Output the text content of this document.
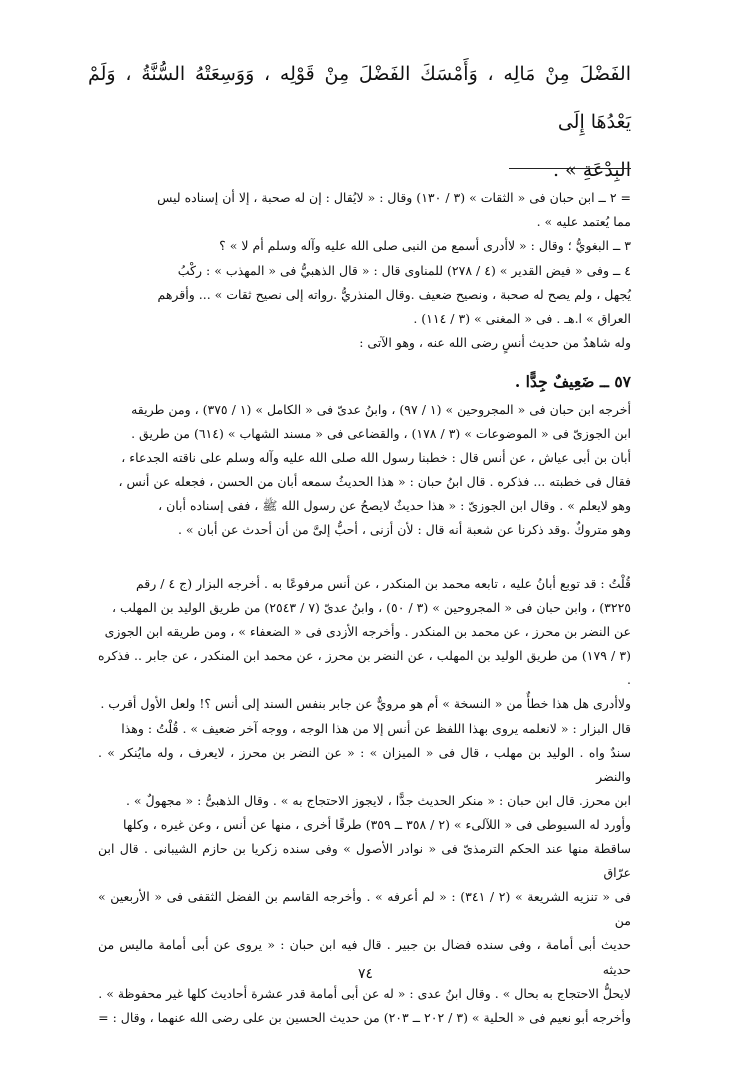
الفَضْلَ مِنْ مَالِه ، وَأَمْسَكَ الفَضْلَ مِنْ قَوْلِه ، وَوَسِعَتْهُ السُّنَّةُ ، وَلَمْ يَعْدُهَا إِلَى

البِدْعَةِ » .

= ٢ ــ ابن حبان فى « الثقات » (٣ / ١٣٠) وقال : « لايُقال : إن له صحبة ، إلا أن إسناده ليس

مما يُعتمد عليه » .

٣ ــ البغويُّ ؛ وقال : « لاأدرى أسمع من النبى صلى الله عليه وآله وسلم أم لا » ؟

٤ ــ وفى « فيض القدير » (٤ / ٢٧٨) للمناوى قال : « قال الذهبيُّ فى « المهذب » : ركْبُ

يُجهل ، ولم يصح له صحبة ، ونصيح ضعيف .وقال المنذريُّ .رواته إلى نصيح ثقات » ... وأقرهم

العراق » ا.هـ . فى « المغنى » (٣ / ١١٤) .

وله شاهدٌ من حديث أنسٍ رضى الله عنه ، وهو الآتى :

٥٧ ــ ضَعِيفٌ جِدًّا .

أخرجه ابن حبان فى « المجروحين » (١ / ٩٧) ، وابنُ عدىّ فى « الكامل » (١ / ٣٧٥) ، ومن طريقه

ابن الجوزىّ فى « الموضوعات » (٣ / ١٧٨) ، والقضاعى فى « مسند الشهاب » (٦١٤) من طريق .

أبان بن أبى عياش ، عن أنس قال : خطبنا رسول الله صلى الله عليه وآله وسلم على ناقته الجدعاء ،

فقال فى خطبته ... فذكره . قال ابنُ حبان : « هذا الحديثُ سمعه أبان من الحسن ، فجعله عن أنس ،

وهو لايعلم » . وقال ابن الجوزىّ : « هذا حديثٌ لايصحُ عن رسول الله ﷺ ، ففى إسناده أبان ،

وهو متروكٌ .وقد ذكرنا عن شعبة أنه قال : لأن أزنى ، أحبُّ إلىَّ من أن أحدث عن أبان » .

قُلْتُ : قد توبع أبانُ عليه ، تابعه محمد بن المنكدر ، عن أنس مرفوعًا به . أخرجه البزار (ج ٤ / رقم

٣٢٢٥) ، وابن حبان فى « المجروحين » (٣ / ٥٠) ، وابنُ عدىّ (٧ / ٢٥٤٣) من طريق الوليد بن المهلب ،

عن النضر بن محرز ، عن محمد بن المنكدر . وأخرجه الأزدى فى « الضعفاء » ، ومن طريقه ابن الجوزى

(٣ / ١٧٩) من طريق الوليد بن المهلب ، عن النضر بن محرز ، عن محمد ابن المنكدر ، عن جابر .. فذكره .

ولاأدرى هل هذا خطأٌ من « النسخة » أم هو مرويٌّ عن جابر بنفس السند إلى أنس ؟! ولعل الأول أقرب .

قال البزار : « لانعلمه يروى بهذا اللفظ عن أنس إلا من هذا الوجه ، ووجه آخر ضعيف » . قُلْتُ : وهذا

سندٌ واه . الوليد بن مهلب ، قال فى « الميزان » : « عن النضر بن محرز ، لايعرف ، وله مايُنكر » . والنضر

ابن محرز. قال ابن حبان : « منكر الحديث جدًّا ، لايجوز الاحتجاج به » . وقال الذهبىُّ : « مجهولٌ » .

وأورد له السيوطى فى « اللآلىء » (٢ / ٣٥٨ ــ ٣٥٩) طرقًا أخرى ، منها عن أنس ، وعن غيره ، وكلها

ساقطة منها عند الحكم الترمذىّ فى « نوادر الأصول » وفى سنده زكريا بن حازم الشيبانى . قال ابن عرّاق

فى « تنزيه الشريعة » (٢ / ٣٤١) : « لم أعرفه » . وأخرجه القاسم بن الفضل الثقفى فى « الأربعين » من

حديث أبى أمامة ، وفى سنده فضال بن جبير . قال فيه ابن حبان : « يروى عن أبى أمامة ماليس من حديثه

لايحلُّ الاحتجاج به بحال » . وقال ابنُ عدى : « له عن أبى أمامة قدر عشرة أحاديث كلها غير محفوظة » .

وأخرجه أبو نعيم فى « الحلية » (٣ / ٢٠٢ ــ ٢٠٣) من حديث الحسين بن على رضى الله عنهما ، وقال : =

٧٤
